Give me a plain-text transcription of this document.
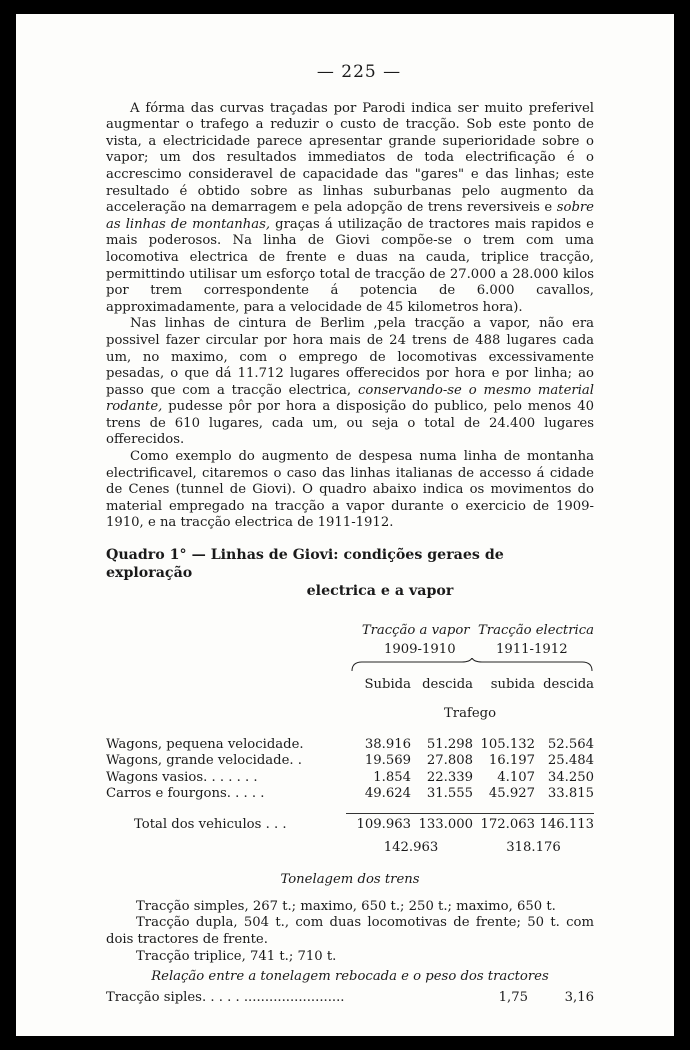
— 225 —

A fórma das curvas traçadas por Parodi indica ser muito preferivel augmentar o trafego a reduzir o custo de tracção. Sob este ponto de vista, a electricidade parece apresentar grande superioridade sobre o vapor; um dos resultados immediatos de toda electrificação é o accrescimo consideravel de capacidade das "gares" e das linhas; este resultado é obtido sobre as linhas suburbanas pelo augmento da acceleração na demarragem e pela adopção de trens reversiveis e sobre as linhas de montanhas, graças á utilização de tractores mais rapidos e mais poderosos. Na linha de Giovi compõe-se o trem com uma locomotiva electrica de frente e duas na cauda, triplice tracção, permittindo utilisar um esforço total de tracção de 27.000 a 28.000 kilos por trem correspondente á potencia de 6.000 cavallos, approximadamente, para a velocidade de 45 kilometros hora).

Nas linhas de cintura de Berlim ,pela tracção a vapor, não era possivel fazer circular por hora mais de 24 trens de 488 lugares cada um, no maximo, com o emprego de locomotivas excessivamente pesadas, o que dá 11.712 lugares offerecidos por hora e por linha; ao passo que com a tracção electrica, conservando-se o mesmo material rodante, pudesse pôr por hora a disposição do publico, pelo menos 40 trens de 610 lugares, cada um, ou seja o total de 24.400 lugares offerecidos.

Como exemplo do augmento de despesa numa linha de montanha electrificavel, citaremos o caso das linhas italianas de accesso á cidade de Cenes (tunnel de Giovi). O quadro abaixo indica os movimentos do material empregado na tracção a vapor durante o exercicio de 1909-1910, e na tracção electrica de 1911-1912.

Quadro 1° — Linhas de Giovi: condições geraes de exploração
electrica e a vapor
Tracção a vapor Tracção electrica
1909-1910	1911-1912
Subida descida	subida descida
Trafego
Wagons, pequena velocidade.	38.916	51.298 105.132 52.564
Wagons, grande velocidade. .	19.569	27.808	16.197 25.484
Wagons vasios. . . . . . .	1.854	22.339	4.107 34.250
Carros e fourgons. . . . .	49.624	31.555	45.927 33.815
Total dos vehiculos . . .	109.963 133.000 172.063 146.113
142.963	318.176
Tonelagem dos trens

Tracção simples, 267 t.; maximo, 650 t.; 250 t.; maximo, 650 t.

Tracção dupla, 504 t., com duas locomotivas de frente; 50 t. com dois tractores de frente.

Tracção triplice, 741 t.; 710 t.

Relação entre a tonelagem rebocada e o peso dos tractores
Tracção siples. . . . . ........................	1,75	3,16
